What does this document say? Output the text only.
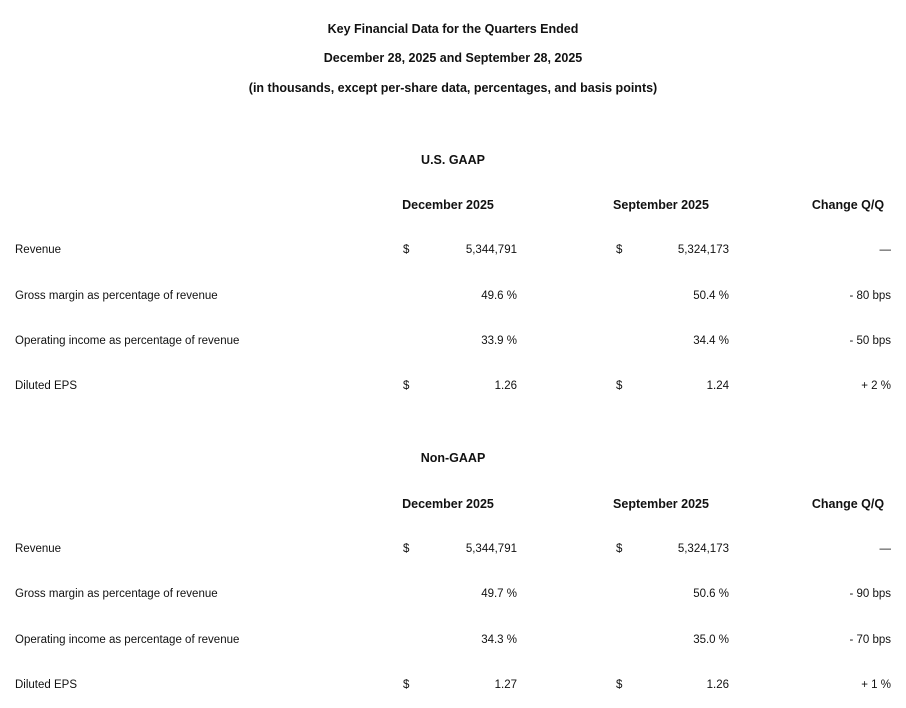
Key Financial Data for the Quarters Ended
December 28, 2025 and September 28, 2025
(in thousands, except per-share data, percentages, and basis points)
U.S. GAAP
December 2025	September 2025	Change Q/Q
Revenue	$	5,344,791	$	5,324,173	—
Gross margin as percentage of revenue	49.6 %	50.4 %	- 80 bps
Operating income as percentage of revenue	33.9 %	34.4 %	- 50 bps
Diluted EPS	$	1.26	$	1.24	+ 2 %
Non-GAAP
December 2025	September 2025	Change Q/Q
Revenue	$	5,344,791	$	5,324,173	—
Gross margin as percentage of revenue	49.7 %	50.6 %	- 90 bps
Operating income as percentage of revenue	34.3 %	35.0 %	- 70 bps
Diluted EPS	$	1.27	$	1.26	+ 1 %
